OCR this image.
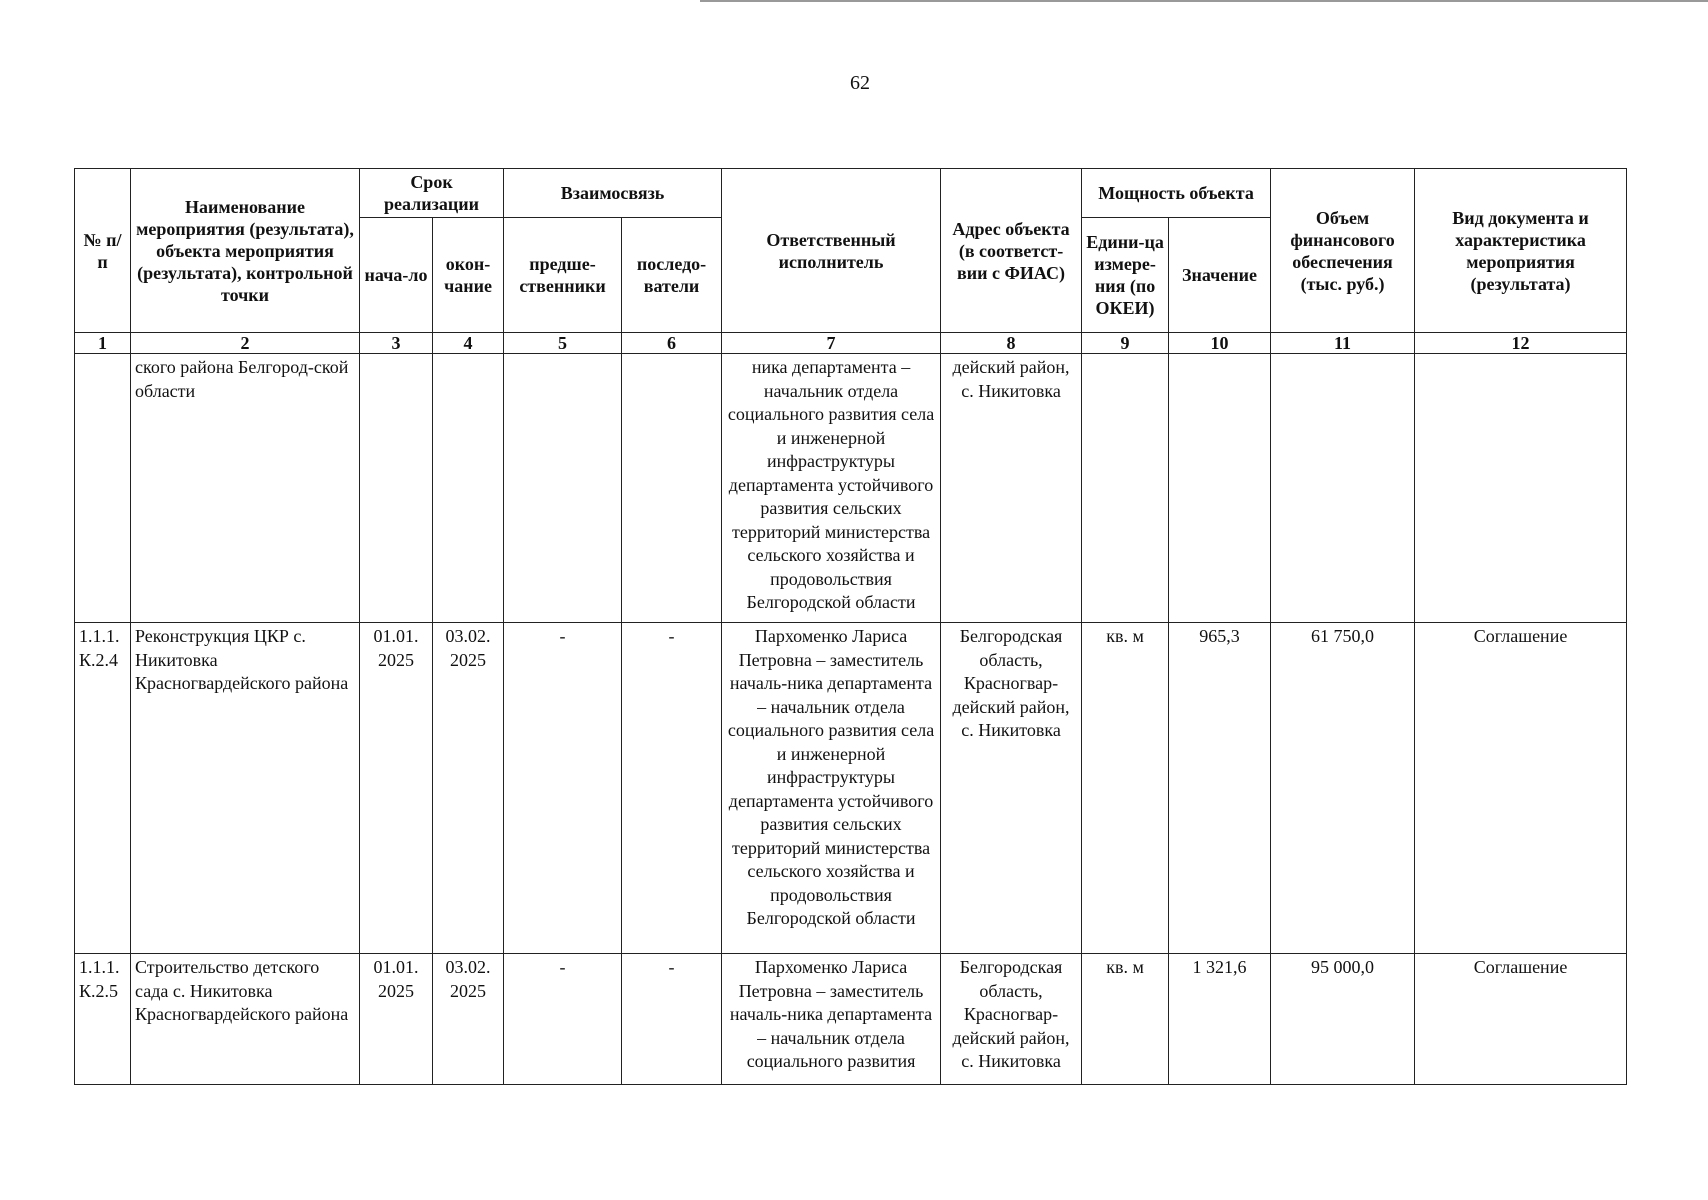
62
№ п/п	Наименование мероприятия (результата), объекта мероприятия (результата), контрольной точки	Срок реализации		Взаимосвязь		Ответственный исполнитель	Адрес объекта (в соответст-вии с ФИАС)	Мощность объекта		Объем финансового обеспечения (тыс. руб.)	Вид документа и характеристика мероприятия (результата)
		нача-ло	окон-чание	предше-ственники	последо-ватели			Едини-ца измере-ния (по ОКЕИ)	Значение		
1	2	3	4	5	6	7	8	9	10	11	12
	ского района Белгород-ской области					ника департамента – начальник отдела социального развития села и инженерной инфраструктуры департамента устойчивого развития сельских территорий министерства сельского хозяйства и продовольствия Белгородской области	дейский район, с. Никитовка				
1.1.1. К.2.4	Реконструкция ЦКР с. Никитовка Красногвардейского района	01.01. 2025	03.02. 2025	-	-	Пархоменко Лариса Петровна – заместитель началь-ника департамента – начальник отдела социального развития села и инженерной инфраструктуры департамента устойчивого развития сельских территорий министерства сельского хозяйства и продовольствия Белгородской области	Белгородская область, Красногвар-дейский район, с. Никитовка	кв. м	965,3	61 750,0	Соглашение
1.1.1. К.2.5	Строительство детского сада с. Никитовка Красногвардейского района	01.01. 2025	03.02. 2025	-	-	Пархоменко Лариса Петровна – заместитель началь-ника департамента – начальник отдела социального развития	Белгородская область, Красногвар-дейский район, с. Никитовка	кв. м	1 321,6	95 000,0	Соглашение
